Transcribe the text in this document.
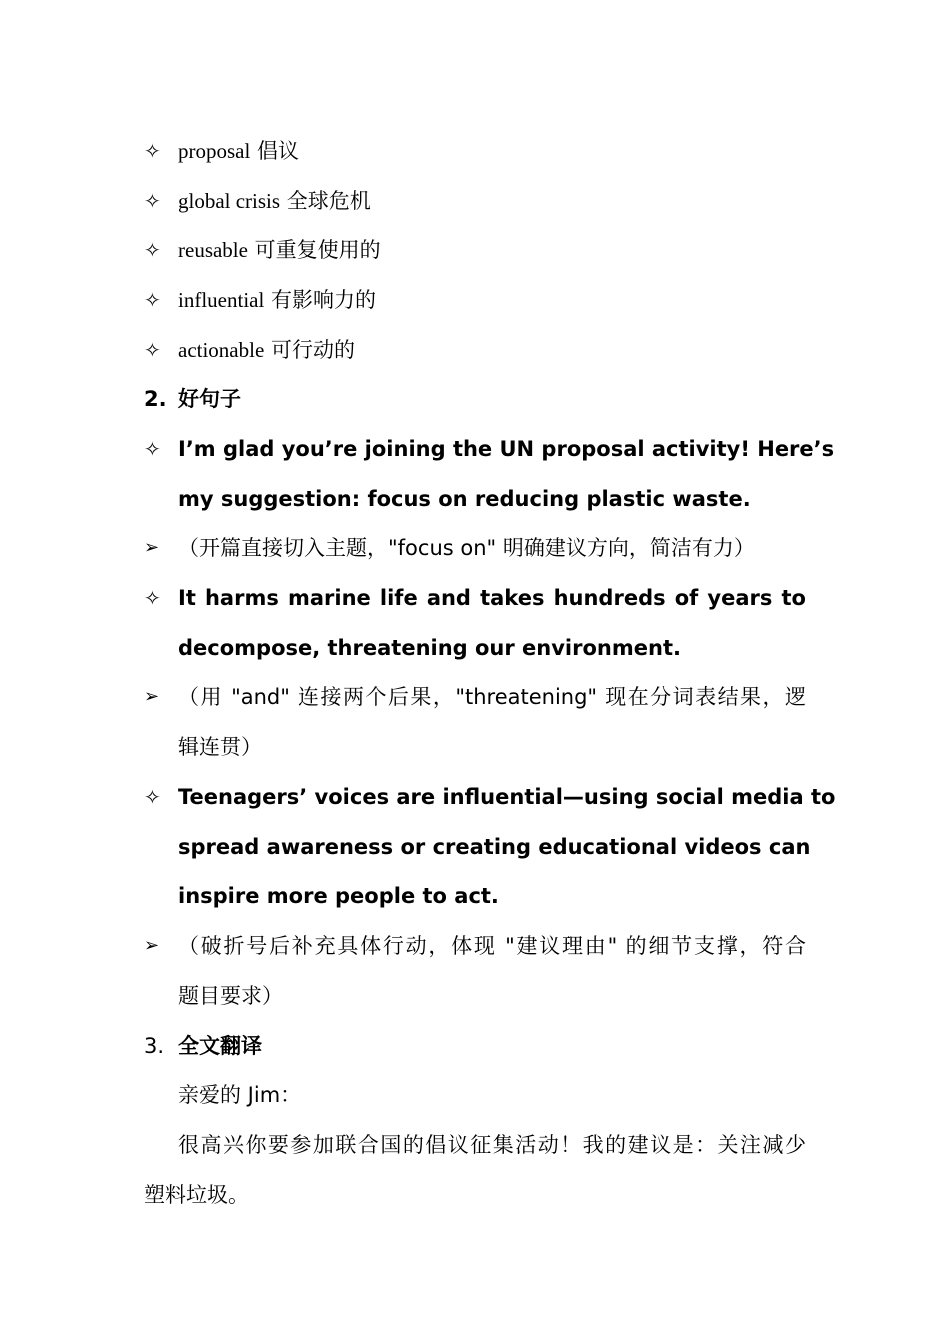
✧ proposal 倡议
✧ global crisis 全球危机
✧ reusable 可重复使用的
✧ influential 有影响力的
✧ actionable 可行动的
2. 好句子
✧ I’m glad you’re joining the UN proposal activity! Here’s
my suggestion: focus on reducing plastic waste.
➢ （开篇直接切入主题，"focus on" 明确建议方向，简洁有力）
✧ It harms marine life and takes hundreds of years to
decompose, threatening our environment.
➢ （用 "and" 连接两个后果，"threatening" 现在分词表结果，逻
辑连贯）
✧ Teenagers’ voices are influential—using social media to
spread awareness or creating educational videos can
inspire more people to act.
➢ （破折号后补充具体行动，体现 "建议理由" 的细节支撑，符合
题目要求）
3. 全文翻译
亲爱的 Jim：
很高兴你要参加联合国的倡议征集活动！我的建议是：关注减少
塑料垃圾。
